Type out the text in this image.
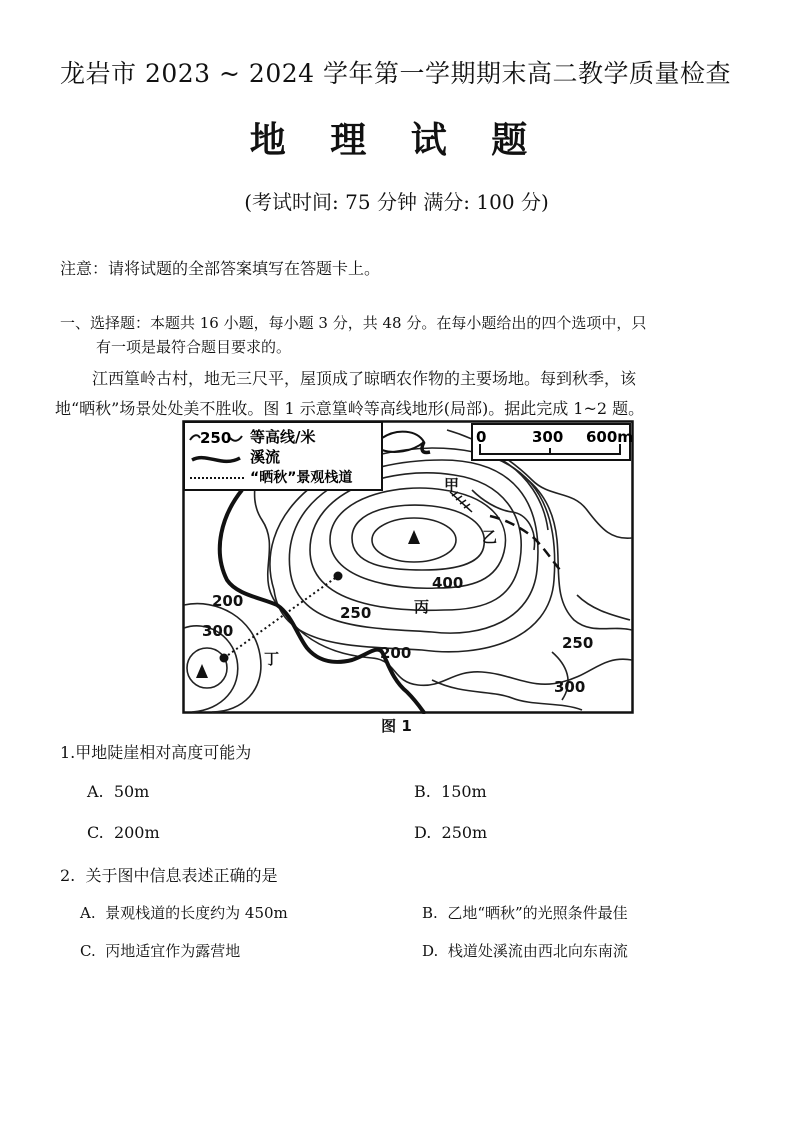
龙岩市 2023 ~ 2024 学年第一学期期末高二教学质量检查
地 理 试 题
(考试时间: 75 分钟 满分: 100 分)
注意：请将试题的全部答案填写在答题卡上。
一、选择题：本题共 16 小题，每小题 3 分，共 48 分。在每小题给出的四个选项中，只
有一项是最符合题目要求的。
江西篁岭古村，地无三尺平，屋顶成了晾晒农作物的主要场地。每到秋季，该
地“晒秋”场景处处美不胜收。图 1 示意篁岭等高线地形(局部)。据此完成 1~2 题。
250 等高线/米
溪流
“晒秋”景观栈道
0	300 600m
400
250
200
300
200
250
300
甲
乙
丙
丁
图 1
1.甲地陡崖相对高度可能为
A. 50m	B. 150m
C. 200m	D. 250m
2. 关于图中信息表述正确的是
A. 景观栈道的长度约为 450m	B. 乙地“晒秋”的光照条件最佳
C. 丙地适宜作为露营地	D. 栈道处溪流由西北向东南流
